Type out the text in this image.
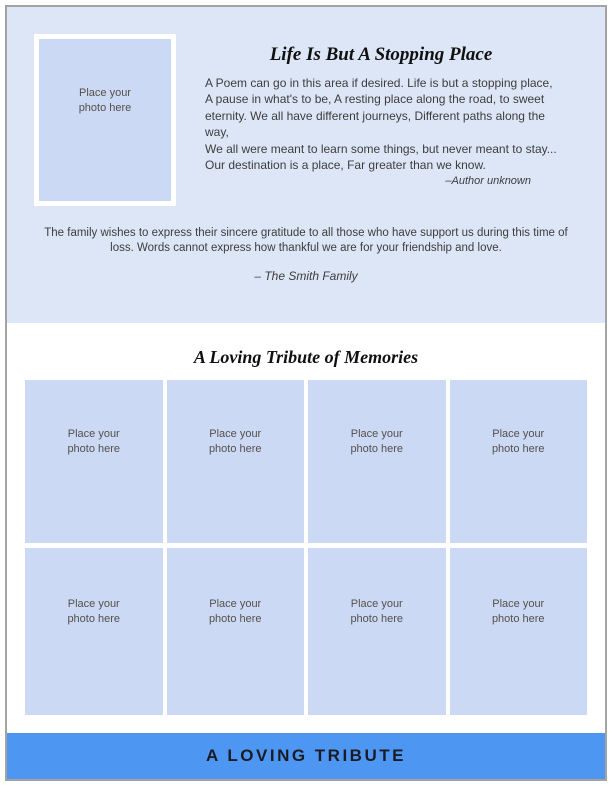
Place your
photo here
Life Is But A Stopping Place
A Poem can go in this area if desired. Life is but a stopping place,
A pause in what's to be, A resting place along the road, to sweet
eternity. We all have different journeys, Different paths along the way,
We all were meant to learn some things, but never meant to stay...
Our destination is a place, Far greater than we know.
–Author unknown
The family wishes to express their sincere gratitude to all those who have support us during this time of
loss. Words cannot express how thankful we are for your friendship and love.
– The Smith Family
A Loving Tribute of Memories
Place your
photo here
Place your
photo here
Place your
photo here
Place your
photo here
Place your
photo here
Place your
photo here
Place your
photo here
Place your
photo here
A LOVING TRIBUTE
